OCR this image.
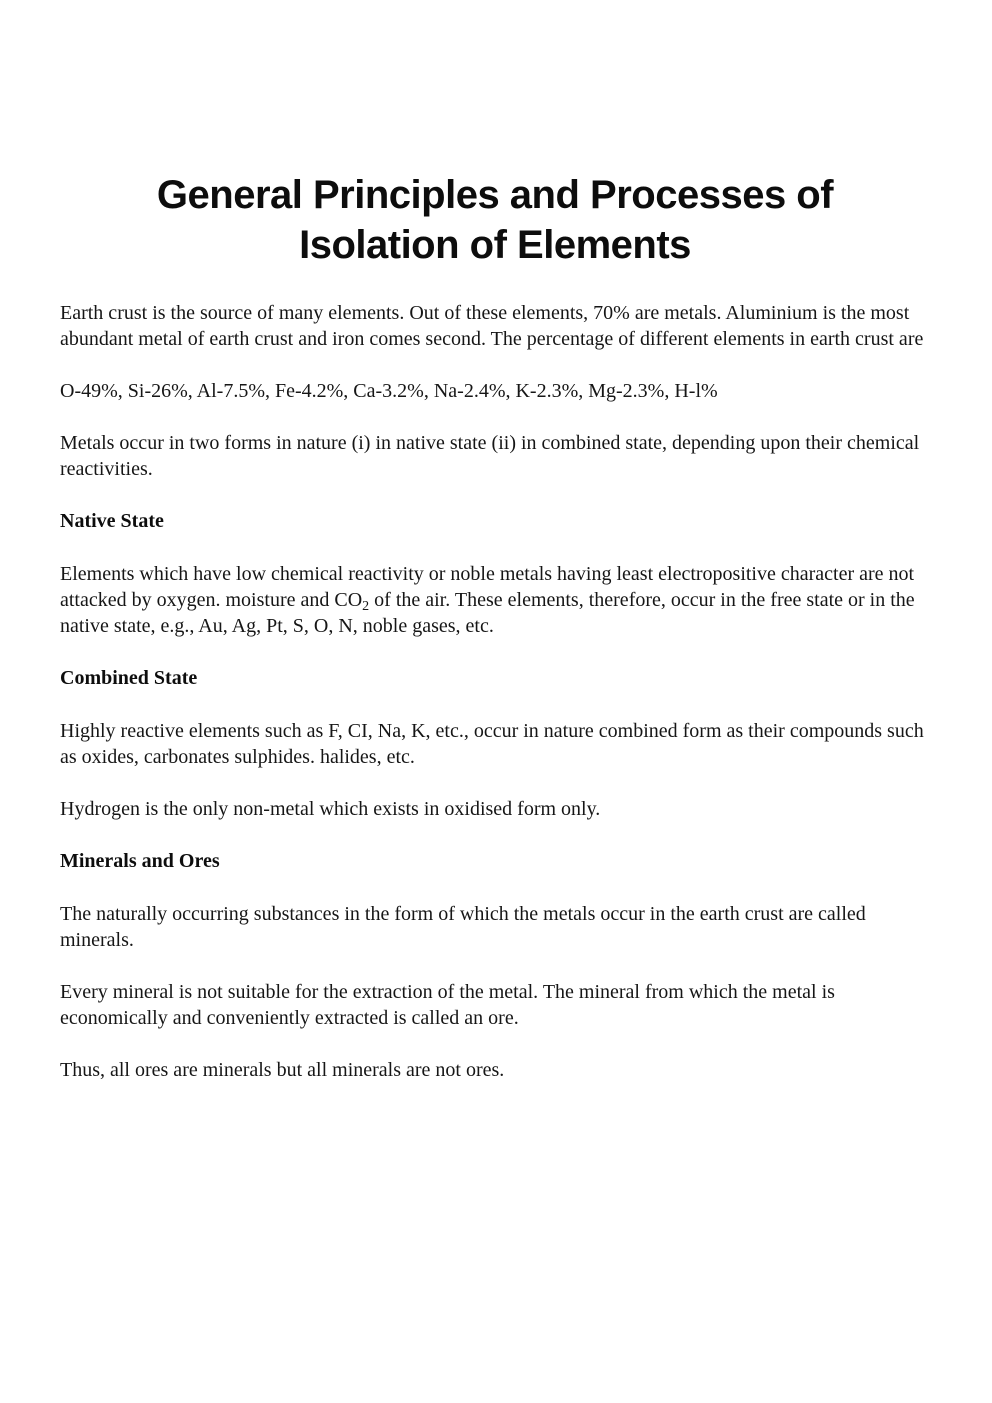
General Principles and Processes of Isolation of Elements

Earth crust is the source of many elements. Out of these elements, 70% are metals. Aluminium is the most abundant metal of earth crust and iron comes second. The percentage of different elements in earth crust are

O-49%, Si-26%, Al-7.5%, Fe-4.2%, Ca-3.2%, Na-2.4%, K-2.3%, Mg-2.3%, H-l%

Metals occur in two forms in nature (i) in native state (ii) in combined state, depending upon their chemical reactivities.

Native State

Elements which have low chemical reactivity or noble metals having least electropositive character are not attacked by oxygen. moisture and $CO_2$ of the air. These elements, therefore, occur in the free state or in the native state, e.g., Au, Ag, Pt, S, O, N, noble gases, etc.

Combined State

Highly reactive elements such as F, CI, Na, K, etc., occur in nature combined form as their compounds such as oxides, carbonates sulphides. halides, etc.

Hydrogen is the only non-metal which exists in oxidised form only.

Minerals and Ores

The naturally occurring substances in the form of which the metals occur in the earth crust are called minerals.

Every mineral is not suitable for the extraction of the metal. The mineral from which the metal is economically and conveniently extracted is called an ore.

Thus, all ores are minerals but all minerals are not ores.
